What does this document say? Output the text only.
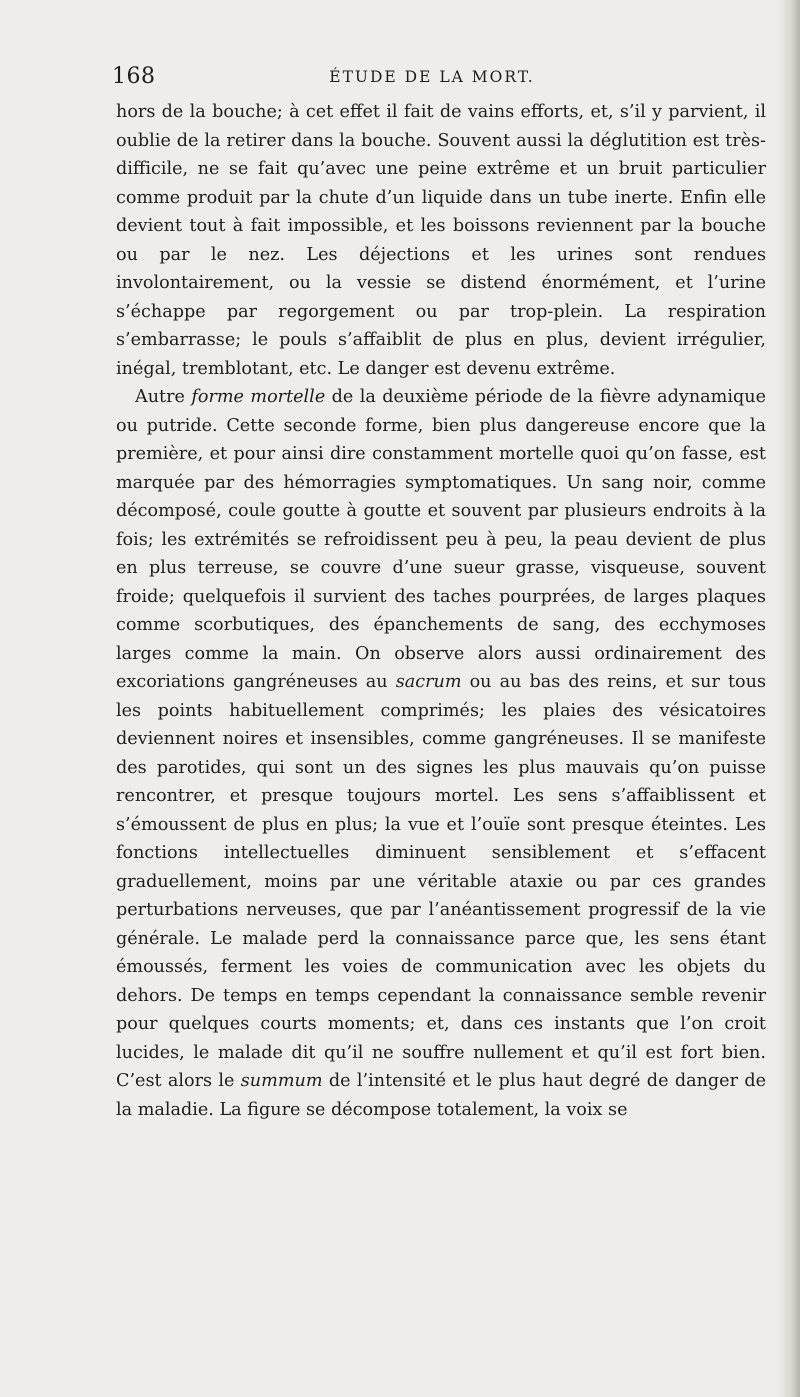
168	ÉTUDE DE LA MORT.

hors de la bouche; à cet effet il fait de vains efforts, et, s’il y parvient, il oublie de la retirer dans la bouche. Souvent aussi la déglutition est très-difficile, ne se fait qu’avec une peine extrême et un bruit particulier comme produit par la chute d’un liquide dans un tube inerte. Enfin elle devient tout à fait impossible, et les boissons reviennent par la bouche ou par le nez. Les déjections et les urines sont rendues involontairement, ou la vessie se distend énormément, et l’urine s’échappe par regorgement ou par trop-plein. La respiration s’embarrasse; le pouls s’affaiblit de plus en plus, devient irrégulier, inégal, tremblotant, etc. Le danger est devenu extrême.

Autre forme mortelle de la deuxième période de la fièvre adynamique ou putride. Cette seconde forme, bien plus dangereuse encore que la première, et pour ainsi dire constamment mortelle quoi qu’on fasse, est marquée par des hémorragies symptomatiques. Un sang noir, comme décomposé, coule goutte à goutte et souvent par plusieurs endroits à la fois; les extrémités se refroidissent peu à peu, la peau devient de plus en plus terreuse, se couvre d’une sueur grasse, visqueuse, souvent froide; quelquefois il survient des taches pourprées, de larges plaques comme scorbutiques, des épanchements de sang, des ecchymoses larges comme la main. On observe alors aussi ordinairement des excoriations gangréneuses au sacrum ou au bas des reins, et sur tous les points habituellement comprimés; les plaies des vésicatoires deviennent noires et insensibles, comme gangréneuses. Il se manifeste des parotides, qui sont un des signes les plus mauvais qu’on puisse rencontrer, et presque toujours mortel. Les sens s’affaiblissent et s’émoussent de plus en plus; la vue et l’ouïe sont presque éteintes. Les fonctions intellectuelles diminuent sensiblement et s’effacent graduellement, moins par une véritable ataxie ou par ces grandes perturbations nerveuses, que par l’anéantissement progressif de la vie générale. Le malade perd la connaissance parce que, les sens étant émoussés, ferment les voies de communication avec les objets du dehors. De temps en temps cependant la connaissance semble revenir pour quelques courts moments; et, dans ces instants que l’on croit lucides, le malade dit qu’il ne souffre nullement et qu’il est fort bien. C’est alors le summum de l’intensité et le plus haut degré de danger de la maladie. La figure se décompose totalement, la voix se
